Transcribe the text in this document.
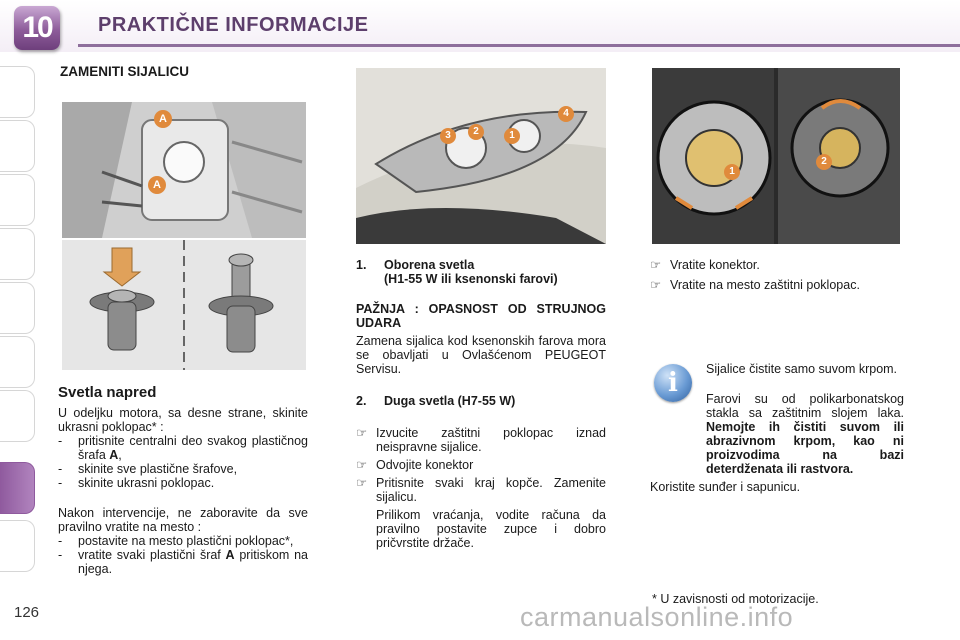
10	PRAKTIČNE INFORMACIJE
ZAMENITI SIJALICU
A
A
Svetla napred

U odeljku motora, sa desne strane, skinite ukrasni poklopac* :

- pritisnite centralni deo svakog plastičnog šrafa A,
- skinite sve plastične šrafove,
- skinite ukrasni poklopac.

Nakon intervencije, ne zaboravite da sve pravilno vratite na mesto :

- postavite na mesto plastični poklopac*,
- vratite svaki plastični šraf A pritiskom na njega.
3	2	1
4
1. Oborena svetla
(H1-55 W ili ksenonski farovi)

PAŽNJA : OPASNOST OD STRUJNOG UDARA

Zamena sijalica kod ksenonskih farova mora se obavljati u Ovlašćenom PEUGEOT Servisu.

2. Duga svetla (H7-55 W)
☞ Izvucite zaštitni poklopac iznad neispravne sijalice.
☞ Odvojite konektor
☞ Pritisnite svaki kraj kopče. Zamenite sijalicu.

Prilikom vraćanja, vodite računa da pravilno postavite zupce i dobro pričvrstite držače.

1
2
☞ Vratite konektor.
☞ Vratite na mesto zaštitni poklopac.
i	Sijalice čistite samo suvom krpom.

Farovi su od polikarbonatskog stakla sa zaštitnim slojem laka. Nemojte ih čistiti suvom ili abrazivnom krpom, kao ni proizvodima na bazi deterdženata ili rastvora.

Koristite sunđer i sapunicu.

* U zavisnosti od motorizacije.
126	carmanualsonline.info
